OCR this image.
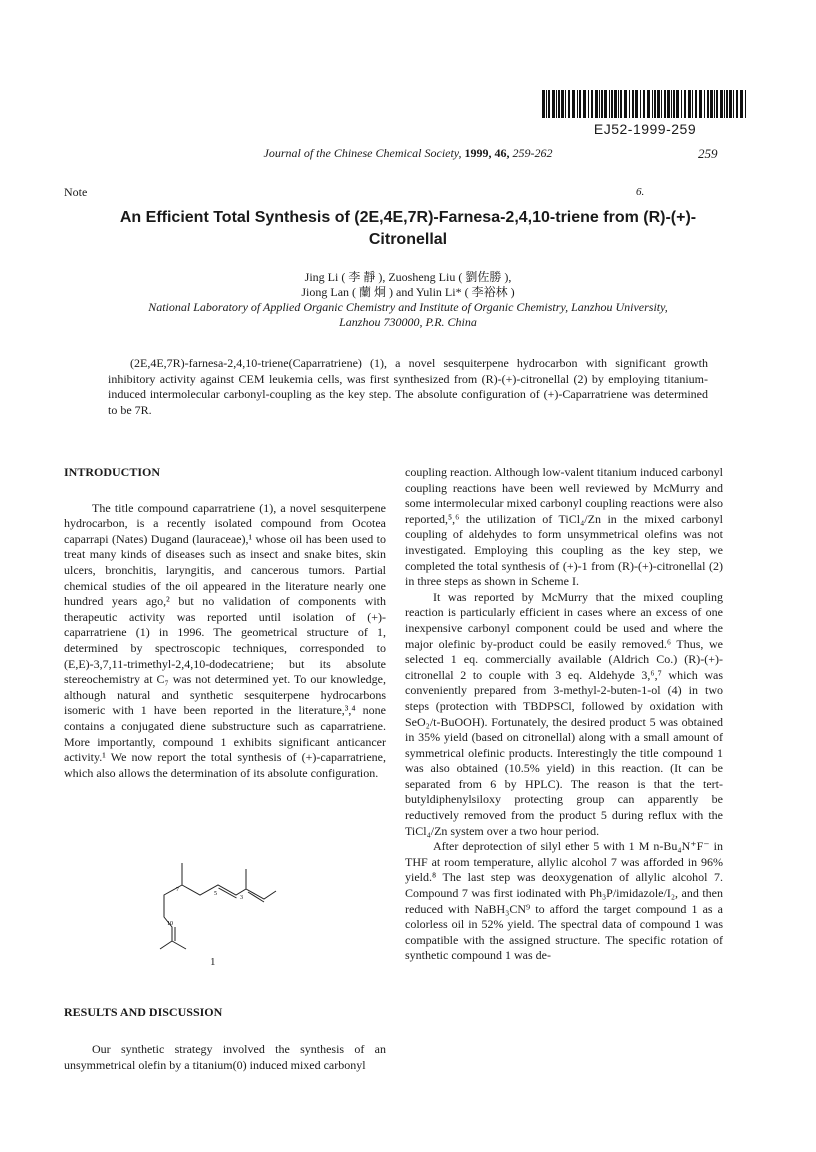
EJ52-1999-259
Journal of the Chinese Chemical Society, 1999, 46, 259-262	259
Note	6.
An Efficient Total Synthesis of (2E,4E,7R)-Farnesa-2,4,10-triene from (R)-(+)-Citronellal
Jing Li ( 李 靜 ), Zuosheng Liu ( 劉佐勝 ),
Jiong Lan ( 蘭 炯 ) and Yulin Li* ( 李裕林 )
National Laboratory of Applied Organic Chemistry and Institute of Organic Chemistry, Lanzhou University,
Lanzhou 730000, P.R. China
(2E,4E,7R)-farnesa-2,4,10-triene(Caparratriene) (1), a novel sesquiterpene hydrocarbon with significant growth inhibitory activity against CEM leukemia cells, was first synthesized from (R)-(+)-citronellal (2) by employing titanium-induced intermolecular carbonyl-coupling as the key step. The absolute configuration of (+)-Caparratriene was determined to be 7R.

INTRODUCTION

The title compound caparratriene (1), a novel sesquiterpene hydrocarbon, is a recently isolated compound from Ocotea caparrapi (Nates) Dugand (lauraceae),¹ whose oil has been used to treat many kinds of diseases such as insect and snake bites, skin ulcers, bronchitis, laryngitis, and cancerous tumors. Partial chemical studies of the oil appeared in the literature nearly one hundred years ago,² but no validation of components with therapeutic activity was reported until isolation of (+)-caparratriene (1) in 1996. The geometrical structure of 1, determined by spectroscopic techniques, corresponded to (E,E)-3,7,11-trimethyl-2,4,10-dodecatriene; but its absolute stereochemistry at C₇ was not determined yet. To our knowledge, although natural and synthetic sesquiterpene hydrocarbons isomeric with 1 have been reported in the literature,³,⁴ none contains a conjugated diene substructure such as caparratriene. More importantly, compound 1 exhibits significant anticancer activity.¹ We now report the total synthesis of (+)-caparratriene, which also allows the determination of its absolute configuration.

7
5
3
10
1
RESULTS AND DISCUSSION
Our synthetic strategy involved the synthesis of an unsymmetrical olefin by a titanium(0) induced mixed carbonyl

coupling reaction. Although low-valent titanium induced carbonyl coupling reactions have been well reviewed by McMurry and some intermolecular mixed carbonyl coupling reactions were also reported,⁵,⁶ the utilization of TiCl₄/Zn in the mixed carbonyl coupling of aldehydes to form unsymmetrical olefins was not investigated. Employing this coupling as the key step, we completed the total synthesis of (+)-1 from (R)-(+)-citronellal (2) in three steps as shown in Scheme I.

It was reported by McMurry that the mixed coupling reaction is particularly efficient in cases where an excess of one inexpensive carbonyl component could be used and where the major olefinic by-product could be easily removed.⁶ Thus, we selected 1 eq. commercially available (Aldrich Co.) (R)-(+)-citronellal 2 to couple with 3 eq. Aldehyde 3,⁶,⁷ which was conveniently prepared from 3-methyl-2-buten-1-ol (4) in two steps (protection with TBDPSCl, followed by oxidation with SeO₂/t-BuOOH). Fortunately, the desired product 5 was obtained in 35% yield (based on citronellal) along with a small amount of symmetrical olefinic products. Interestingly the title compound 1 was also obtained (10.5% yield) in this reaction. (It can be separated from 6 by HPLC). The reason is that the tert-butyldiphenylsiloxy protecting group can apparently be reductively removed from the product 5 during reflux with the TiCl₄/Zn system over a two hour period.

After deprotection of silyl ether 5 with 1 M n-Bu₄N⁺F⁻ in THF at room temperature, allylic alcohol 7 was afforded in 96% yield.⁸ The last step was deoxygenation of allylic alcohol 7. Compound 7 was first iodinated with Ph₃P/imidazole/I₂, and then reduced with NaBH₃CN⁹ to afford the target compound 1 as a colorless oil in 52% yield. The spectral data of compound 1 was compatible with the assigned structure. The specific rotation of synthetic compound 1 was de-
